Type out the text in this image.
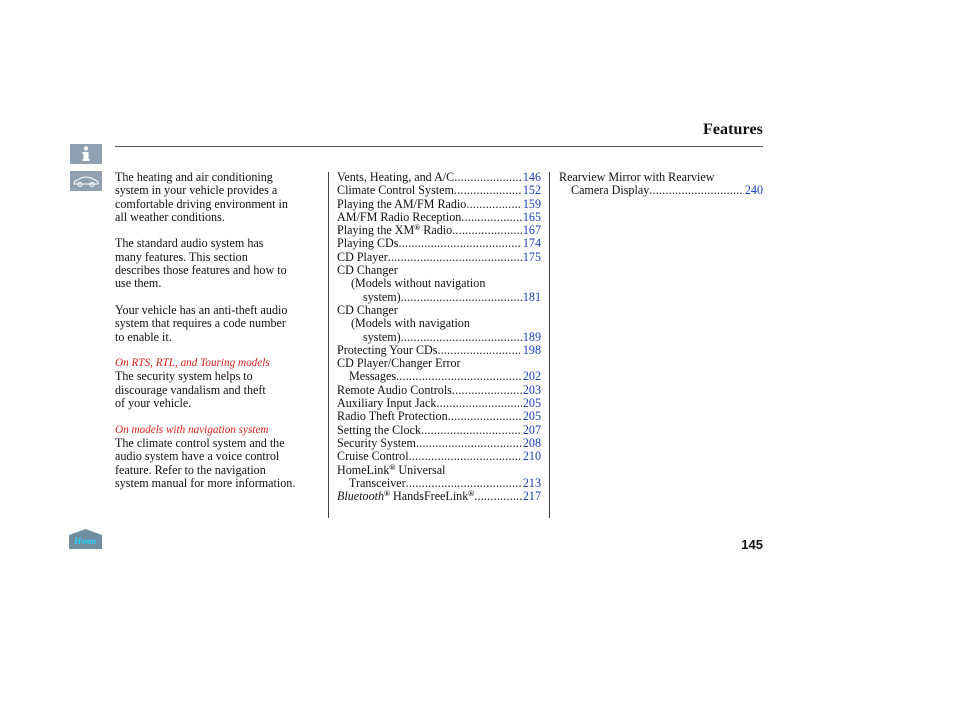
Features
The heating and air conditioning
system in your vehicle provides a
comfortable driving environment in
all weather conditions.
The standard audio system has
many features. This section
describes those features and how to
use them.
Your vehicle has an anti-theft audio
system that requires a code number
to enable it.
On RTS, RTL, and Touring models
The security system helps to
discourage vandalism and theft
of your vehicle.
On models with navigation system
The climate control system and the
audio system have a voice control
feature. Refer to the navigation
system manual for more information.
Vents, Heating, and A/C .....	146
Climate Control System .....	152
Playing the AM/FM Radio .....	159
AM/FM Radio Reception .....	165
Playing the XM® Radio .....	167
Playing CDs .....	174
CD Player .....	175
CD Changer
(Models without navigation
system) .....	181
CD Changer
(Models with navigation
system) .....	189
Protecting Your CDs .....	198
CD Player/Changer Error
Messages .....	202
Remote Audio Controls .....	203
Auxiliary Input Jack .....	205
Radio Theft Protection .....	205
Setting the Clock .....	207
Security System .....	208
Cruise Control .....	210
HomeLink® Universal
Transceiver .....	213
Bluetooth® HandsFreeLink® .....	217
Rearview Mirror with Rearview
Camera Display .....	240
Home	145
